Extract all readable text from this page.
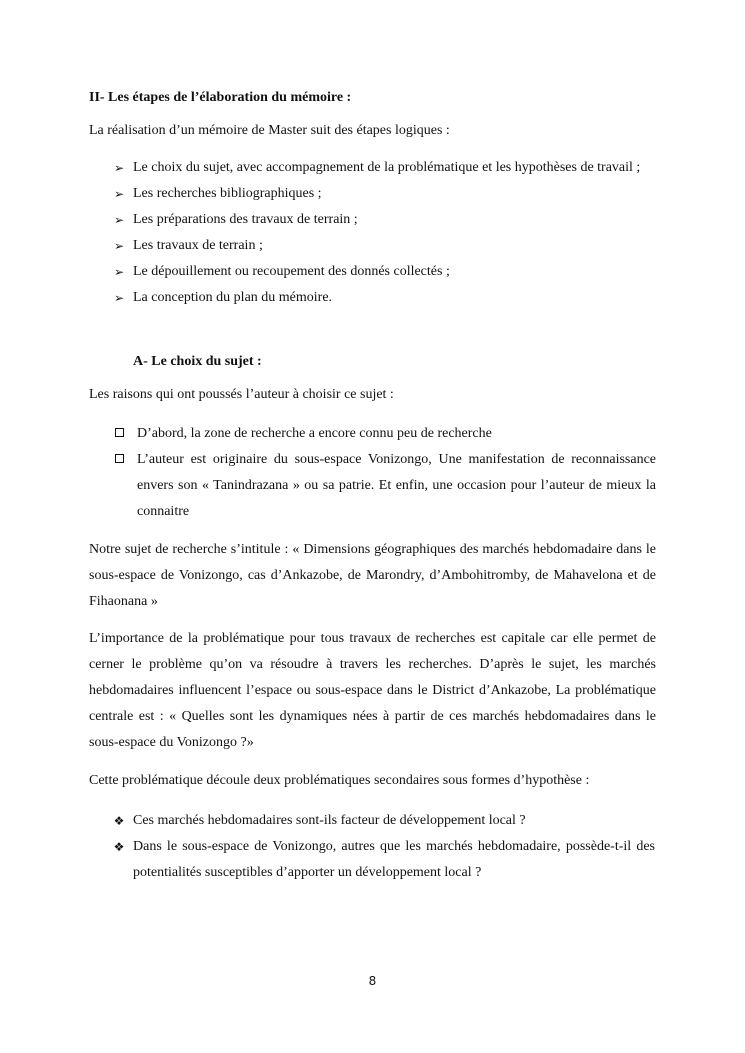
II- Les étapes de l’élaboration du mémoire :

La réalisation d’un mémoire de Master suit des étapes logiques :

➢ Le choix du sujet, avec accompagnement de la problématique et les hypothèses de travail ;
➢ Les recherches bibliographiques ;
➢ Les préparations des travaux de terrain ;
➢ Les travaux de terrain ;
➢ Le dépouillement ou recoupement des donnés collectés ;
➢ La conception du plan du mémoire.

A- Le choix du sujet :

Les raisons qui ont poussés l’auteur à choisir ce sujet :

D’abord, la zone de recherche a encore connu peu de recherche
L’auteur est originaire du sous-espace Vonizongo, Une manifestation de reconnaissance envers son « Tanindrazana » ou sa patrie. Et enfin, une occasion pour l’auteur de mieux la connaitre

Notre sujet de recherche s’intitule : « Dimensions géographiques des marchés hebdomadaire dans le sous-espace de Vonizongo, cas d’Ankazobe, de Marondry, d’Ambohitromby, de Mahavelona et de Fihaonana »

L’importance de la problématique pour tous travaux de recherches est capitale car elle permet de cerner le problème qu’on va résoudre à travers les recherches. D’après le sujet, les marchés hebdomadaires influencent l’espace ou sous-espace dans le District d’Ankazobe, La problématique centrale est : « Quelles sont les dynamiques nées à partir de ces marchés hebdomadaires dans le sous-espace du Vonizongo ?»

Cette problématique découle deux problématiques secondaires sous formes d’hypothèse :

❖ Ces marchés hebdomadaires sont-ils facteur de développement local ?
❖ Dans le sous-espace de Vonizongo, autres que les marchés hebdomadaire, possède-t-il des potentialités susceptibles d’apporter un développement local ?
8
